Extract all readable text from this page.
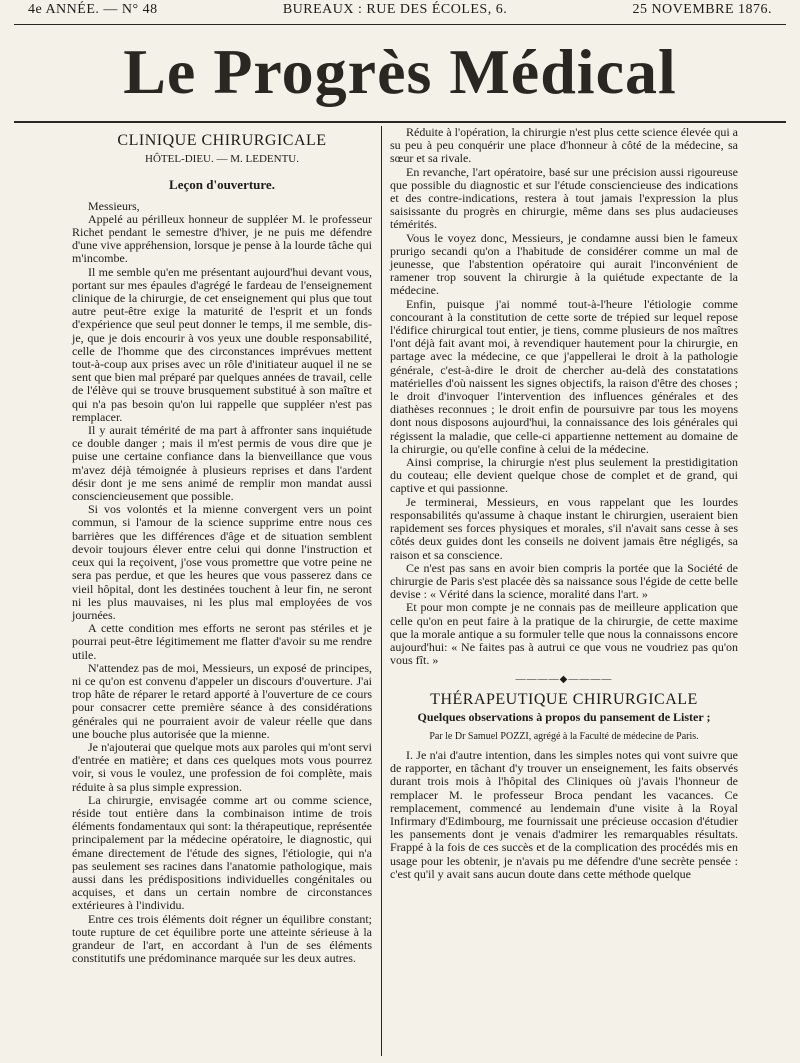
4e ANNÉE. — N° 48	BUREAUX : RUE DES ÉCOLES, 6.	25 NOVEMBRE 1876.
Le Progrès Médical
CLINIQUE CHIRURGICALE
HÔTEL-DIEU. — M. LEDENTU.
Leçon d'ouverture.

Messieurs,

Appelé au périlleux honneur de suppléer M. le professeur Richet pendant le semestre d'hiver, je ne puis me défendre d'une vive appréhension, lorsque je pense à la lourde tâche qui m'incombe.

Il me semble qu'en me présentant aujourd'hui devant vous, portant sur mes épaules d'agrégé le fardeau de l'enseignement clinique de la chirurgie, de cet enseignement qui plus que tout autre peut-être exige la maturité de l'esprit et un fonds d'expérience que seul peut donner le temps, il me semble, dis-je, que je dois encourir à vos yeux une double responsabilité, celle de l'homme que des circonstances imprévues mettent tout-à-coup aux prises avec un rôle d'initiateur auquel il ne se sent que bien mal préparé par quelques années de travail, celle de l'élève qui se trouve brusquement substitué à son maître et qui n'a pas besoin qu'on lui rappelle que suppléer n'est pas remplacer.

Il y aurait témérité de ma part à affronter sans inquiétude ce double danger ; mais il m'est permis de vous dire que je puise une certaine confiance dans la bienveillance que vous m'avez déjà témoignée à plusieurs reprises et dans l'ardent désir dont je me sens animé de remplir mon mandat aussi consciencieusement que possible.

Si vos volontés et la mienne convergent vers un point commun, si l'amour de la science supprime entre nous ces barrières que les différences d'âge et de situation semblent devoir toujours élever entre celui qui donne l'instruction et ceux qui la reçoivent, j'ose vous promettre que votre peine ne sera pas perdue, et que les heures que vous passerez dans ce vieil hôpital, dont les destinées touchent à leur fin, ne seront ni les plus mauvaises, ni les plus mal employées de vos journées.

A cette condition mes efforts ne seront pas stériles et je pourrai peut-être légitimement me flatter d'avoir su me rendre utile.

N'attendez pas de moi, Messieurs, un exposé de principes, ni ce qu'on est convenu d'appeler un discours d'ouverture. J'ai trop hâte de réparer le retard apporté à l'ouverture de ce cours pour consacrer cette première séance à des considérations générales qui ne pourraient avoir de valeur réelle que dans une bouche plus autorisée que la mienne.

Je n'ajouterai que quelque mots aux paroles qui m'ont servi d'entrée en matière; et dans ces quelques mots vous pourrez voir, si vous le voulez, une profession de foi complète, mais réduite à sa plus simple expression.

La chirurgie, envisagée comme art ou comme science, réside tout entière dans la combinaison intime de trois éléments fondamentaux qui sont: la thérapeutique, représentée principalement par la médecine opératoire, le diagnostic, qui émane directement de l'étude des signes, l'étiologie, qui n'a pas seulement ses racines dans l'anatomie pathologique, mais aussi dans les prédispositions individuelles congénitales ou acquises, et dans un certain nombre de circonstances extérieures à l'individu.

Entre ces trois éléments doit régner un équilibre constant; toute rupture de cet équilibre porte une atteinte sérieuse à la grandeur de l'art, en accordant à l'un de ses éléments constitutifs une prédominance marquée sur les deux autres.

Réduite à l'opération, la chirurgie n'est plus cette science élevée qui a su peu à peu conquérir une place d'honneur à côté de la médecine, sa sœur et sa rivale.

En revanche, l'art opératoire, basé sur une précision aussi rigoureuse que possible du diagnostic et sur l'étude consciencieuse des indications et des contre-indications, restera à tout jamais l'expression la plus saisissante du progrès en chirurgie, même dans ses plus audacieuses témérités.

Vous le voyez donc, Messieurs, je condamne aussi bien le fameux prurigo secandi qu'on a l'habitude de considérer comme un mal de jeunesse, que l'abstention opératoire qui aurait l'inconvénient de ramener trop souvent la chirurgie à la quiétude expectante de la médecine.

Enfin, puisque j'ai nommé tout-à-l'heure l'étiologie comme concourant à la constitution de cette sorte de trépied sur lequel repose l'édifice chirurgical tout entier, je tiens, comme plusieurs de nos maîtres l'ont déjà fait avant moi, à revendiquer hautement pour la chirurgie, en partage avec la médecine, ce que j'appellerai le droit à la pathologie générale, c'est-à-dire le droit de chercher au-delà des constatations matérielles d'où naissent les signes objectifs, la raison d'être des choses ; le droit d'invoquer l'intervention des influences générales et des diathèses reconnues ; le droit enfin de poursuivre par tous les moyens dont nous disposons aujourd'hui, la connaissance des lois générales qui régissent la maladie, que celle-ci appartienne nettement au domaine de la chirurgie, ou qu'elle confine à celui de la médecine.

Ainsi comprise, la chirurgie n'est plus seulement la prestidigitation du couteau; elle devient quelque chose de complet et de grand, qui captive et qui passionne.

Je terminerai, Messieurs, en vous rappelant que les lourdes responsabilités qu'assume à chaque instant le chirurgien, useraient bien rapidement ses forces physiques et morales, s'il n'avait sans cesse à ses côtés deux guides dont les conseils ne doivent jamais être négligés, sa raison et sa conscience.

Ce n'est pas sans en avoir bien compris la portée que la Société de chirurgie de Paris s'est placée dès sa naissance sous l'égide de cette belle devise : « Vérité dans la science, moralité dans l'art. »

Et pour mon compte je ne connais pas de meilleure application que celle qu'on en peut faire à la pratique de la chirurgie, de cette maxime que la morale antique a su formuler telle que nous la connaissons encore aujourd'hui: « Ne faites pas à autrui ce que vous ne voudriez pas qu'on vous fît. »

————◆————
THÉRAPEUTIQUE CHIRURGICALE
Quelques observations à propos du pansement de Lister ;
Par le Dr Samuel POZZI, agrégé à la Faculté de médecine de Paris.

I. Je n'ai d'autre intention, dans les simples notes qui vont suivre que de rapporter, en tâchant d'y trouver un enseignement, les faits observés durant trois mois à l'hôpital des Cliniques où j'avais l'honneur de remplacer M. le professeur Broca pendant les vacances. Ce remplacement, commencé au lendemain d'une visite à la Royal Infirmary d'Edimbourg, me fournissait une précieuse occasion d'étudier les pansements dont je venais d'admirer les remarquables résultats. Frappé à la fois de ces succès et de la complication des procédés mis en usage pour les obtenir, je n'avais pu me défendre d'une secrète pensée : c'est qu'il y avait sans aucun doute dans cette méthode quelque
